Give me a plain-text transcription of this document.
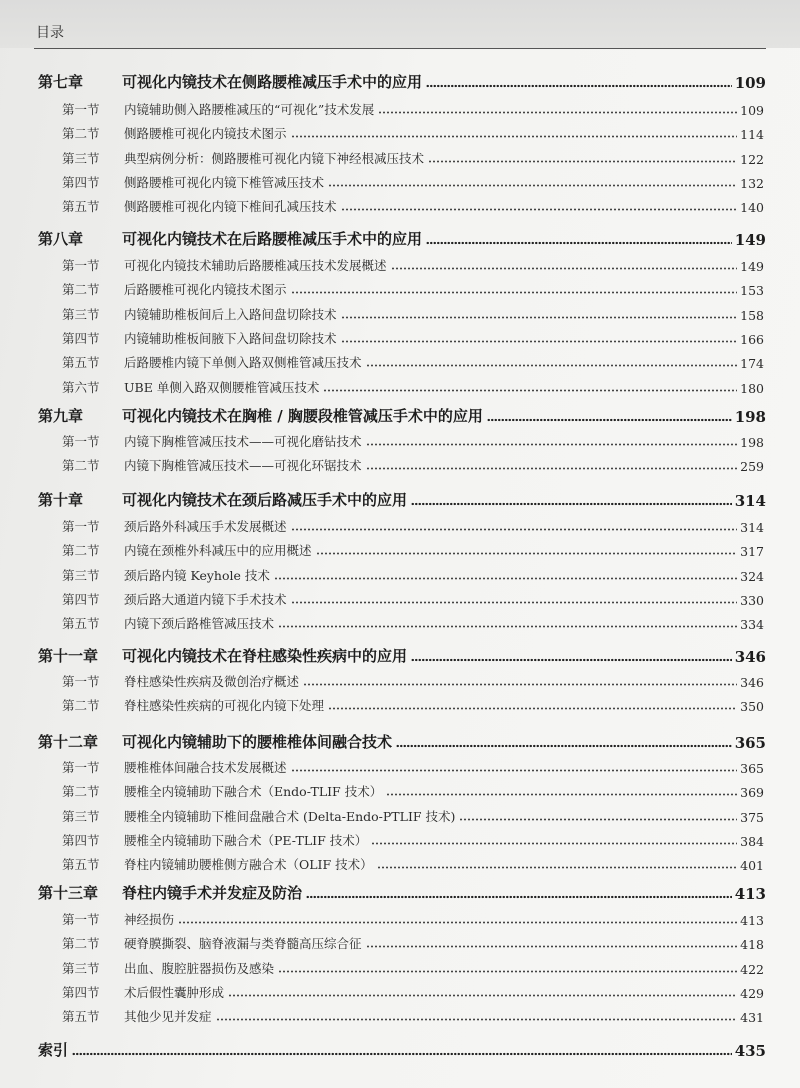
目录
第七章	可视化内镜技术在侧路腰椎减压手术中的应用	109
第一节	内镜辅助侧入路腰椎减压的“可视化”技术发展	109
第二节	侧路腰椎可视化内镜技术图示	114
第三节	典型病例分析：侧路腰椎可视化内镜下神经根减压技术	122
第四节	侧路腰椎可视化内镜下椎管减压技术	132
第五节	侧路腰椎可视化内镜下椎间孔减压技术	140
第八章	可视化内镜技术在后路腰椎减压手术中的应用	149
第一节	可视化内镜技术辅助后路腰椎减压技术发展概述	149
第二节	后路腰椎可视化内镜技术图示	153
第三节	内镜辅助椎板间后上入路间盘切除技术	158
第四节	内镜辅助椎板间腋下入路间盘切除技术	166
第五节	后路腰椎内镜下单侧入路双侧椎管减压技术	174
第六节	UBE 单侧入路双侧腰椎管减压技术	180
第九章	可视化内镜技术在胸椎 / 胸腰段椎管减压手术中的应用	198
第一节	内镜下胸椎管减压技术——可视化磨钻技术	198
第二节	内镜下胸椎管减压技术——可视化环锯技术	259
第十章	可视化内镜技术在颈后路减压手术中的应用	314
第一节	颈后路外科减压手术发展概述	314
第二节	内镜在颈椎外科减压中的应用概述	317
第三节	颈后路内镜 Keyhole 技术	324
第四节	颈后路大通道内镜下手术技术	330
第五节	内镜下颈后路椎管减压技术	334
第十一章	可视化内镜技术在脊柱感染性疾病中的应用	346
第一节	脊柱感染性疾病及微创治疗概述	346
第二节	脊柱感染性疾病的可视化内镜下处理	350
第十二章	可视化内镜辅助下的腰椎椎体间融合技术	365
第一节	腰椎椎体间融合技术发展概述	365
第二节	腰椎全内镜辅助下融合术（Endo-TLIF 技术）	369
第三节	腰椎全内镜辅助下椎间盘融合术 (Delta-Endo-PTLIF 技术)	375
第四节	腰椎全内镜辅助下融合术（PE-TLIF 技术）	384
第五节	脊柱内镜辅助腰椎侧方融合术（OLIF 技术）	401
第十三章	脊柱内镜手术并发症及防治	413
第一节	神经损伤	413
第二节	硬脊膜撕裂、脑脊液漏与类脊髓高压综合征	418
第三节	出血、腹腔脏器损伤及感染	422
第四节	术后假性囊肿形成	429
第五节	其他少见并发症	431
索引	435
